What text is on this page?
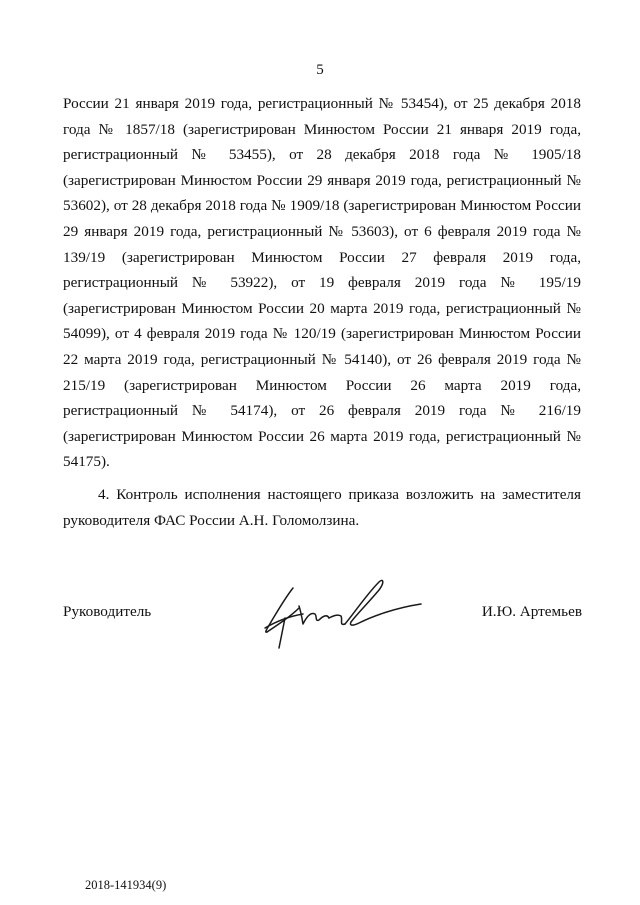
5

России 21 января 2019 года, регистрационный № 53454), от 25 декабря 2018 года № 1857/18 (зарегистрирован Минюстом России 21 января 2019 года, регистрационный № 53455), от 28 декабря 2018 года № 1905/18 (зарегистрирован Минюстом России 29 января 2019 года, регистрационный № 53602), от 28 декабря 2018 года № 1909/18 (зарегистрирован Минюстом России 29 января 2019 года, регистрационный № 53603), от 6 февраля 2019 года № 139/19 (зарегистрирован Минюстом России 27 февраля 2019 года, регистрационный № 53922), от 19 февраля 2019 года № 195/19 (зарегистрирован Минюстом России 20 марта 2019 года, регистрационный № 54099), от 4 февраля 2019 года № 120/19 (зарегистрирован Минюстом России 22 марта 2019 года, регистрационный № 54140), от 26 февраля 2019 года № 215/19 (зарегистрирован Минюстом России 26 марта 2019 года, регистрационный № 54174), от 26 февраля 2019 года № 216/19 (зарегистрирован Минюстом России 26 марта 2019 года, регистрационный № 54175).

4. Контроль исполнения настоящего приказа возложить на заместителя руководителя ФАС России А.Н. Голомолзина.

Руководитель	И.Ю. Артемьев
2018-141934(9)
